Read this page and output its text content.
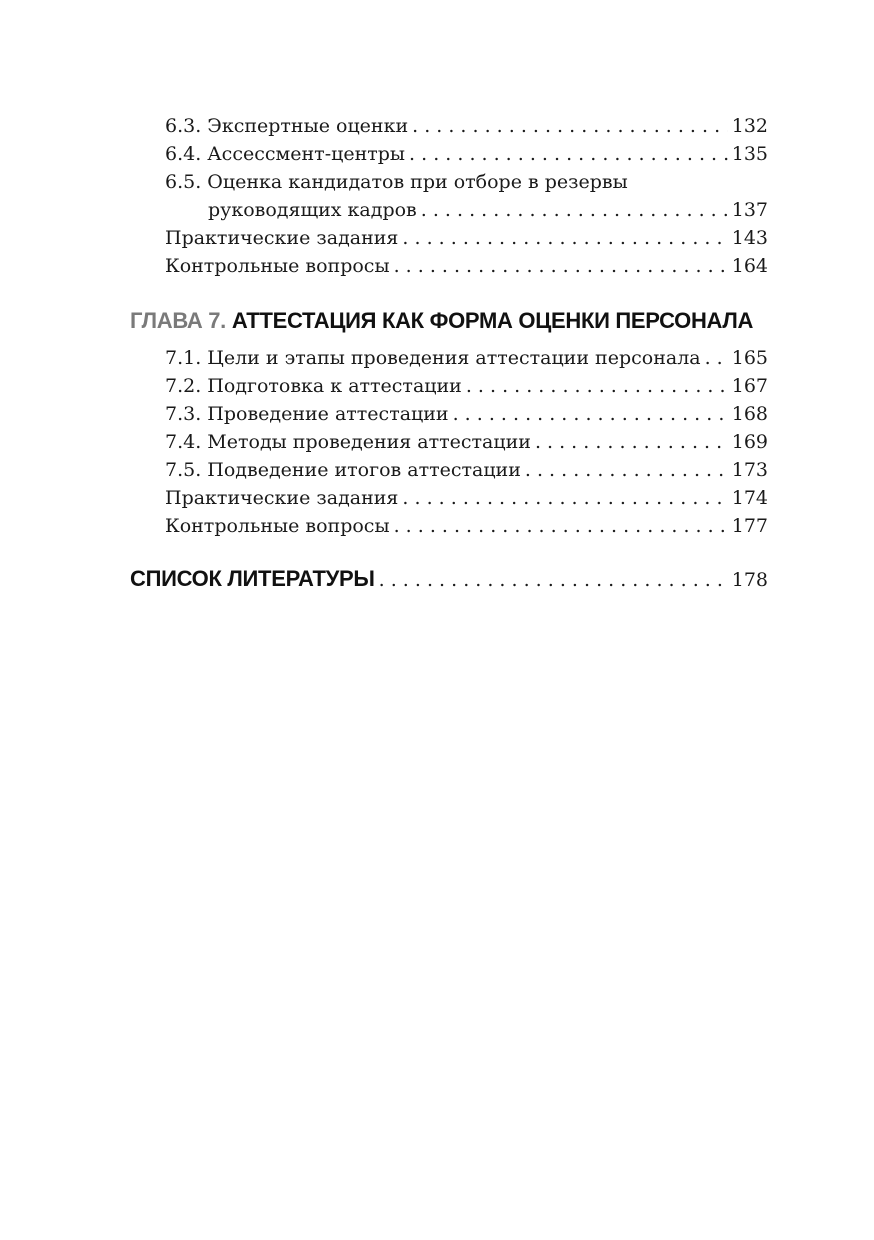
6.3. Экспертные оценки . . .	132
6.4. Ассессмент-центры . . .	135
6.5. Оценка кандидатов при отборе в резервы
руководящих кадров . . .	137
Практические задания . . .	143
Контрольные вопросы . . .	164
ГЛАВА 7. АТТЕСТАЦИЯ КАК ФОРМА ОЦЕНКИ ПЕРСОНАЛА
7.1. Цели и этапы проведения аттестации персонала . . . 165
7.2. Подготовка к аттестации . . .	167
7.3. Проведение аттестации . . .	168
7.4. Методы проведения аттестации . . .	169
7.5. Подведение итогов аттестации . . .	173
Практические задания . . .	174
Контрольные вопросы . . .	177
СПИСОК ЛИТЕРАТУРЫ . . .	178
